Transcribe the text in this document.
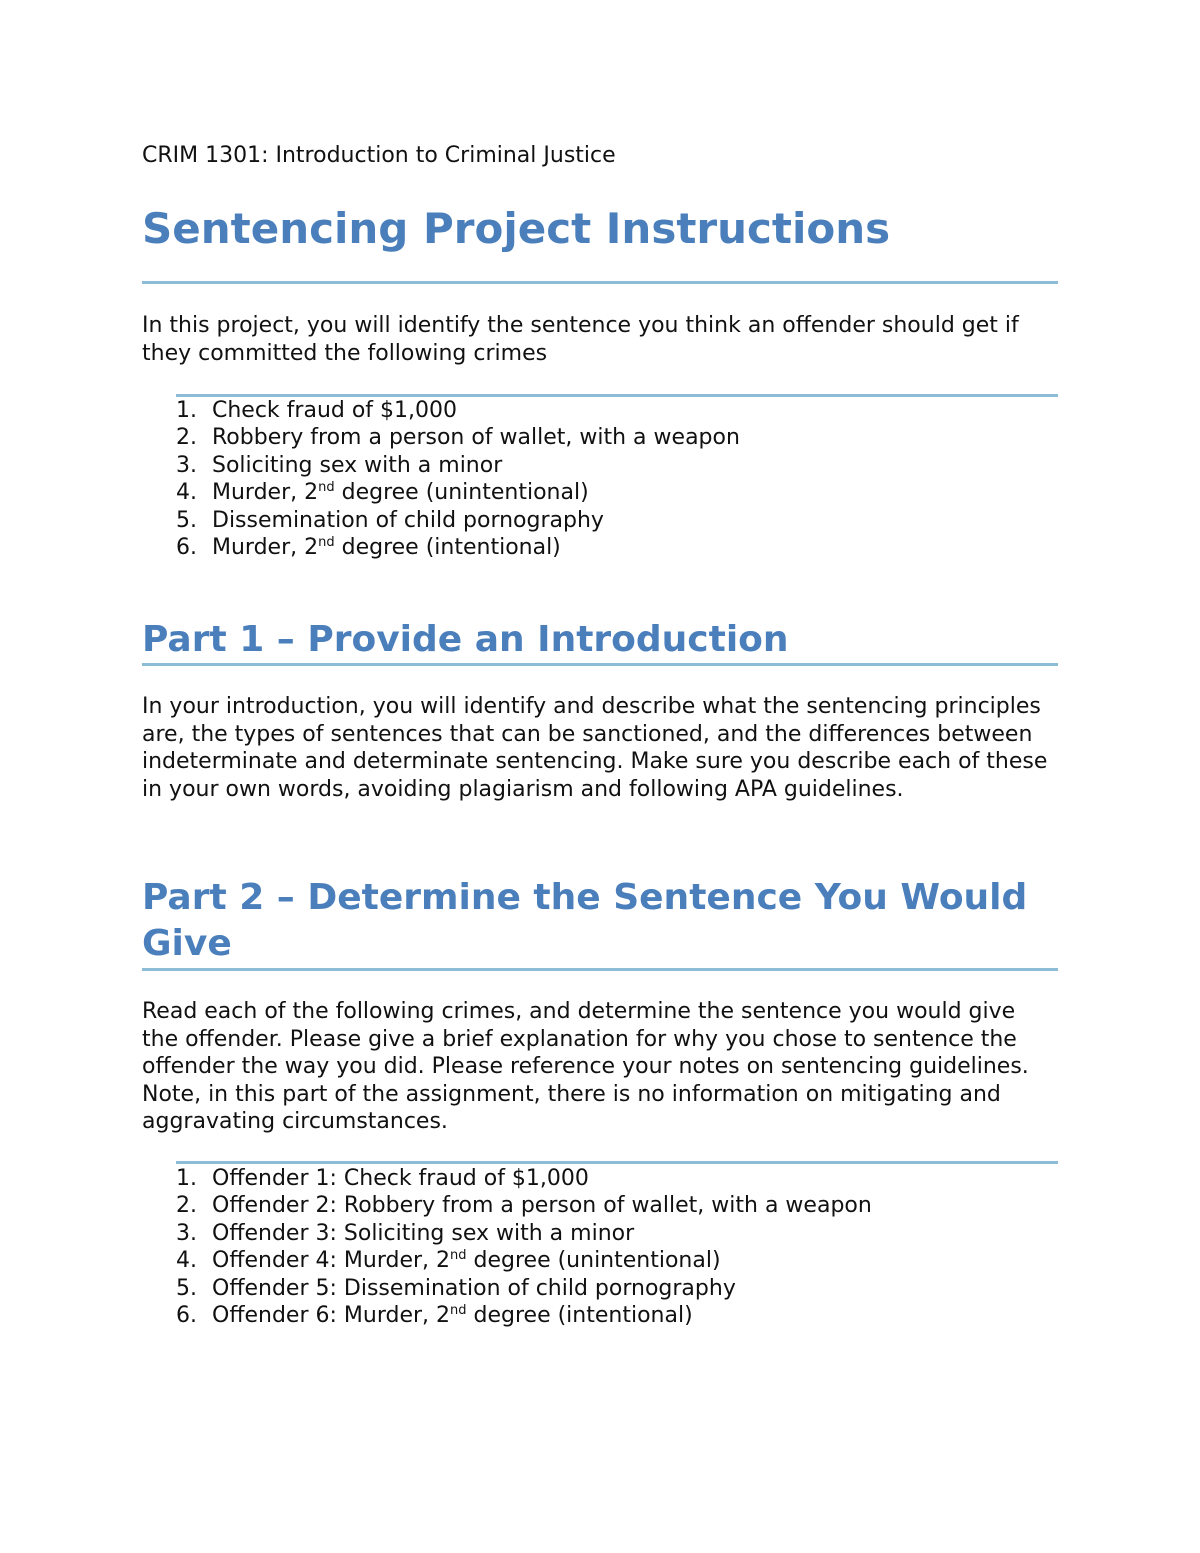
CRIM 1301: Introduction to Criminal Justice
Sentencing Project Instructions

In this project, you will identify the sentence you think an offender should get if they committed the following crimes

1. Check fraud of $1,000
2. Robbery from a person of wallet, with a weapon
3. Soliciting sex with a minor
4. Murder, 2nd degree (unintentional)
5. Dissemination of child pornography
6. Murder, 2nd degree (intentional)
Part 1 – Provide an Introduction

In your introduction, you will identify and describe what the sentencing principles are, the types of sentences that can be sanctioned, and the differences between indeterminate and determinate sentencing. Make sure you describe each of these in your own words, avoiding plagiarism and following APA guidelines.

Part 2 – Determine the Sentence You Would Give

Read each of the following crimes, and determine the sentence you would give the offender. Please give a brief explanation for why you chose to sentence the offender the way you did. Please reference your notes on sentencing guidelines. Note, in this part of the assignment, there is no information on mitigating and aggravating circumstances.

1. Offender 1: Check fraud of $1,000
2. Offender 2: Robbery from a person of wallet, with a weapon
3. Offender 3: Soliciting sex with a minor
4. Offender 4: Murder, 2nd degree (unintentional)
5. Offender 5: Dissemination of child pornography
6. Offender 6: Murder, 2nd degree (intentional)
